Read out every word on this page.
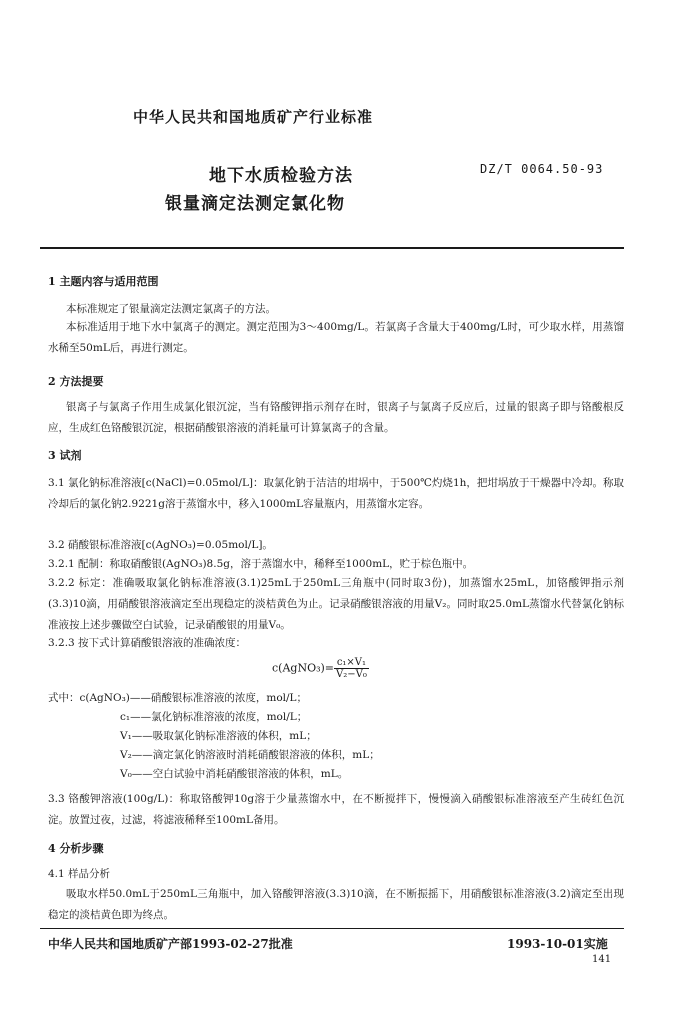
中华人民共和国地质矿产行业标准
地下水质检验方法
银量滴定法测定氯化物
DZ/T 0064.50-93
1 主题内容与适用范围
本标准规定了银量滴定法测定氯离子的方法。
本标准适用于地下水中氯离子的测定。测定范围为3～400mg/L。若氯离子含量大于400mg/L时，可少取水样，用蒸馏水稀至50mL后，再进行测定。
2 方法提要
银离子与氯离子作用生成氯化银沉淀，当有铬酸钾指示剂存在时，银离子与氯离子反应后，过量的银离子即与铬酸根反应，生成红色铬酸银沉淀，根据硝酸银溶液的消耗量可计算氯离子的含量。
3 试剂
3.1 氯化钠标准溶液[c(NaCl)=0.05mol/L]：取氯化钠于洁洁的坩埚中，于500℃灼烧1h，把坩埚放于干燥器中冷却。称取冷却后的氯化钠2.9221g溶于蒸馏水中，移入1000mL容量瓶内，用蒸馏水定容。
3.2 硝酸银标准溶液[c(AgNO₃)=0.05mol/L]。
3.2.1 配制：称取硝酸银(AgNO₃)8.5g，溶于蒸馏水中，稀释至1000mL，贮于棕色瓶中。
3.2.2 标定：准确吸取氯化钠标准溶液(3.1)25mL于250mL三角瓶中(同时取3份)，加蒸馏水25mL，加铬酸钾指示剂(3.3)10滴，用硝酸银溶液滴定至出现稳定的淡桔黄色为止。记录硝酸银溶液的用量V₂。同时取25.0mL蒸馏水代替氯化钠标准液按上述步骤做空白试验，记录硝酸银的用量V₀。
3.2.3 按下式计算硝酸银溶液的准确浓度：
c(AgNO₃)= $\frac{\text{c₁×V₁}}{\text{V₂−V₀}}$
式中：c(AgNO₃)——硝酸银标准溶液的浓度，mol/L；
c₁——氯化钠标准溶液的浓度，mol/L；
V₁——吸取氯化钠标准溶液的体积，mL；
V₂——滴定氯化钠溶液时消耗硝酸银溶液的体积，mL；
V₀——空白试验中消耗硝酸银溶液的体积，mL。
3.3 铬酸钾溶液(100g/L)：称取铬酸钾10g溶于少量蒸馏水中，在不断搅拌下，慢慢滴入硝酸银标准溶液至产生砖红色沉淀。放置过夜，过滤，将滤液稀释至100mL备用。
4 分析步骤
4.1 样品分析
吸取水样50.0mL于250mL三角瓶中，加入铬酸钾溶液(3.3)10滴，在不断振摇下，用硝酸银标准溶液(3.2)滴定至出现稳定的淡桔黄色即为终点。
中华人民共和国地质矿产部1993-02-27批准	1993-10-01实施
141
